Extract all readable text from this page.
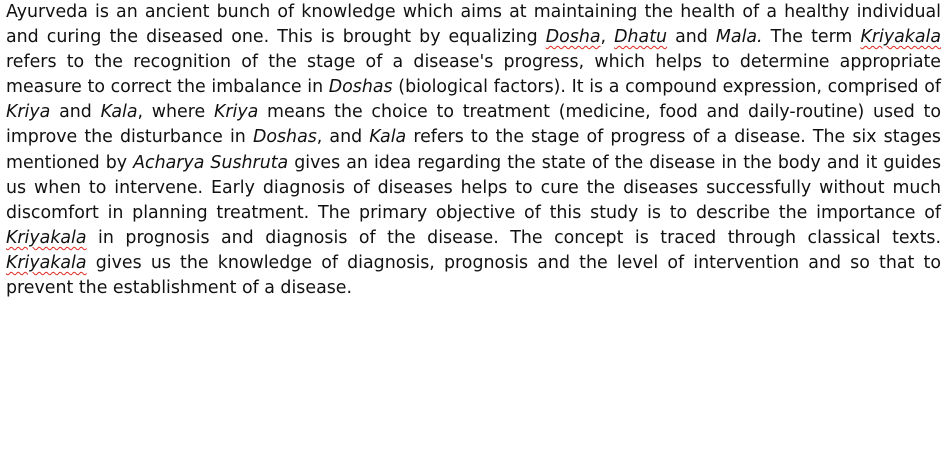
Ayurveda is an ancient bunch of knowledge which aims at maintaining the health of a healthy individual and curing the diseased one. This is brought by equalizing Dosha, Dhatu and Mala. The term Kriyakala refers to the recognition of the stage of a disease's progress, which helps to determine appropriate measure to correct the imbalance in Doshas (biological factors). It is a compound expression, comprised of Kriya and Kala, where Kriya means the choice to treatment (medicine, food and daily-routine) used to improve the disturbance in Doshas, and Kala refers to the stage of progress of a disease. The six stages mentioned by Acharya Sushruta gives an idea regarding the state of the disease in the body and it guides us when to intervene. Early diagnosis of diseases helps to cure the diseases successfully without much discomfort in planning treatment. The primary objective of this study is to describe the importance of Kriyakala in prognosis and diagnosis of the disease. The concept is traced through classical texts. Kriyakala gives us the knowledge of diagnosis, prognosis and the level of intervention and so that to prevent the establishment of a disease.
